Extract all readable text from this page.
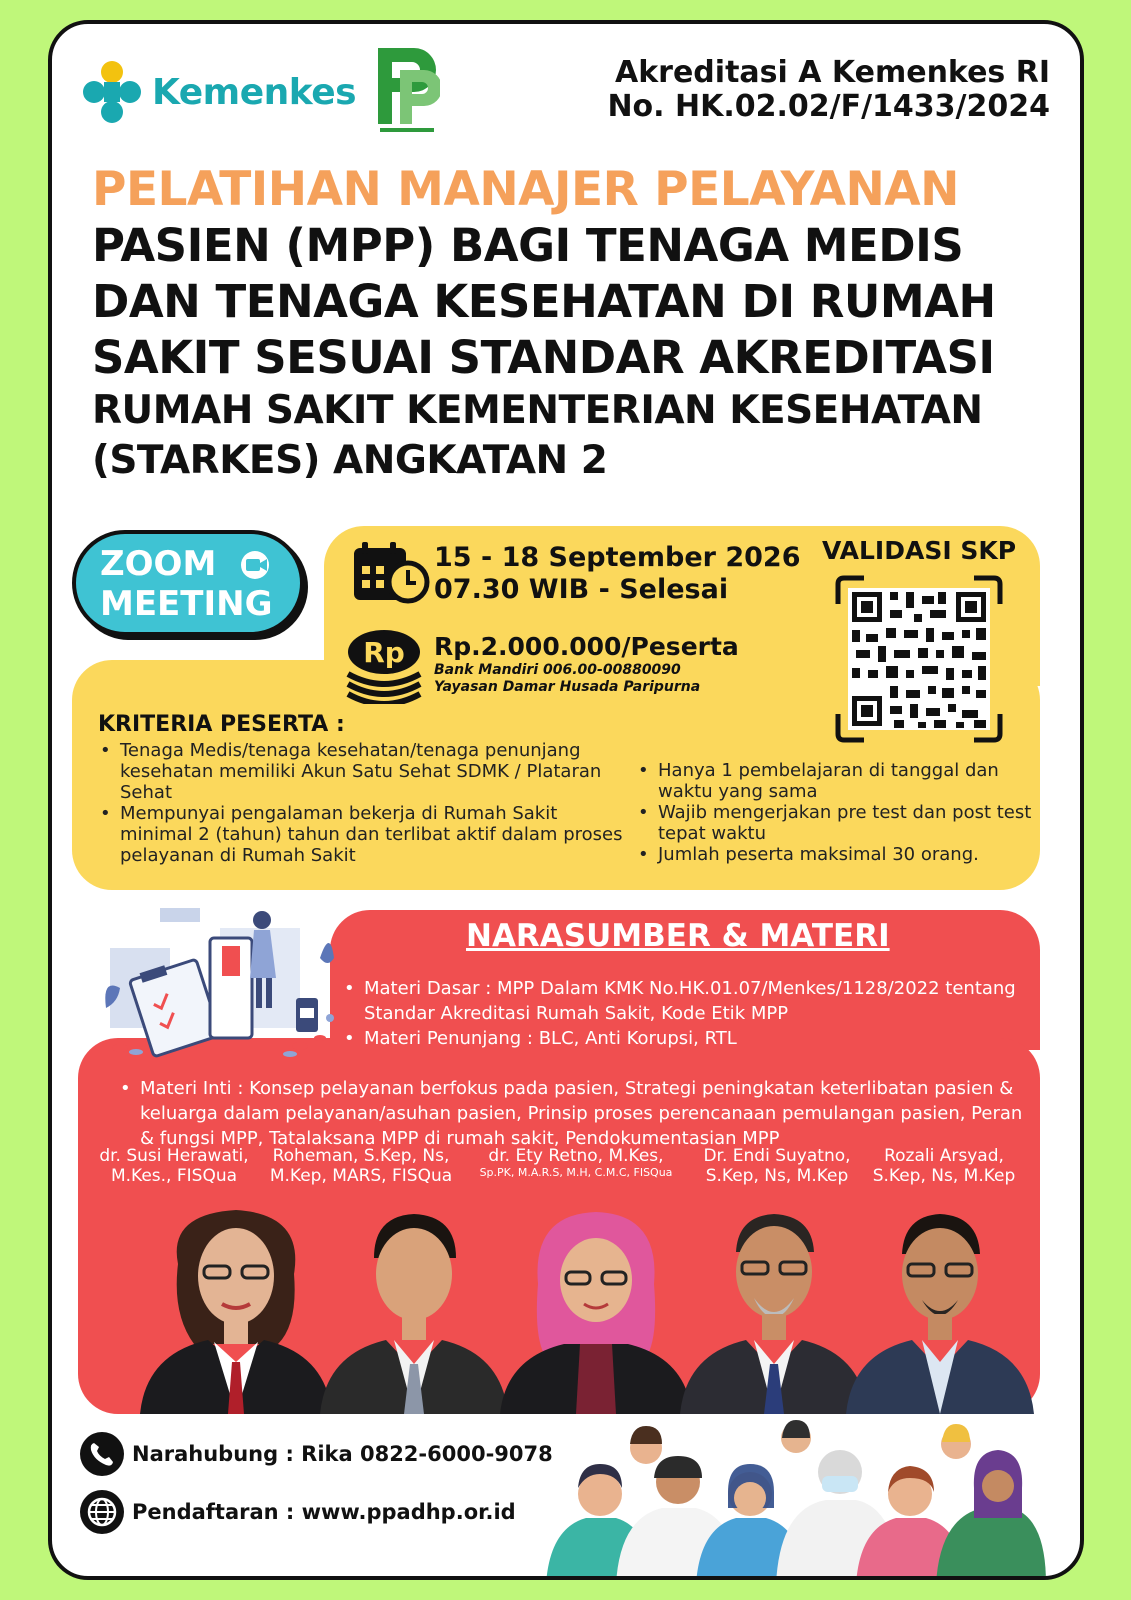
Kemenkes	Akreditasi A Kemenkes RI
No. HK.02.02/F/1433/2024
PELATIHAN MANAJER PELAYANAN
PASIEN (MPP) BAGI TENAGA MEDIS
DAN TENAGA KESEHATAN DI RUMAH
SAKIT SESUAI STANDAR AKREDITASI
RUMAH SAKIT KEMENTERIAN KESEHATAN
(STARKES) ANGKATAN 2
ZOOM
MEETING
15 - 18 September 2026
07.30 WIB - Selesai
Rp Rp.2.000.000/Peserta
Bank Mandiri 006.00-00880090
Yayasan Damar Husada Paripurna
VALIDASI SKP
KRITERIA PESERTA :
• Tenaga Medis/tenaga kesehatan/tenaga penunjang kesehatan memiliki Akun Satu Sehat SDMK / Plataran Sehat
• Mempunyai pengalaman bekerja di Rumah Sakit minimal 2 (tahun) tahun dan terlibat aktif dalam proses pelayanan di Rumah Sakit
• Hanya 1 pembelajaran di tanggal dan waktu yang sama
• Wajib mengerjakan pre test dan post test tepat waktu
• Jumlah peserta maksimal 30 orang.
NARASUMBER & MATERI
• Materi Dasar : MPP Dalam KMK No.HK.01.07/Menkes/1128/2022 tentang Standar Akreditasi Rumah Sakit, Kode Etik MPP
• Materi Penunjang : BLC, Anti Korupsi, RTL
• Materi Inti : Konsep pelayanan berfokus pada pasien, Strategi peningkatan keterlibatan pasien & keluarga dalam pelayanan/asuhan pasien, Prinsip proses perencanaan pemulangan pasien, Peran & fungsi MPP, Tatalaksana MPP di rumah sakit, Pendokumentasian MPP
dr. Susi Herawati,
M.Kes., FISQua
Roheman, S.Kep, Ns,
M.Kep, MARS, FISQua
dr. Ety Retno, M.Kes,
Sp.PK, M.A.R.S, M.H, C.M.C, FISQua
Dr. Endi Suyatno,
S.Kep, Ns, M.Kep
Rozali Arsyad,
S.Kep, Ns, M.Kep
Narahubung : Rika 0822-6000-9078
Pendaftaran : www.ppadhp.or.id
